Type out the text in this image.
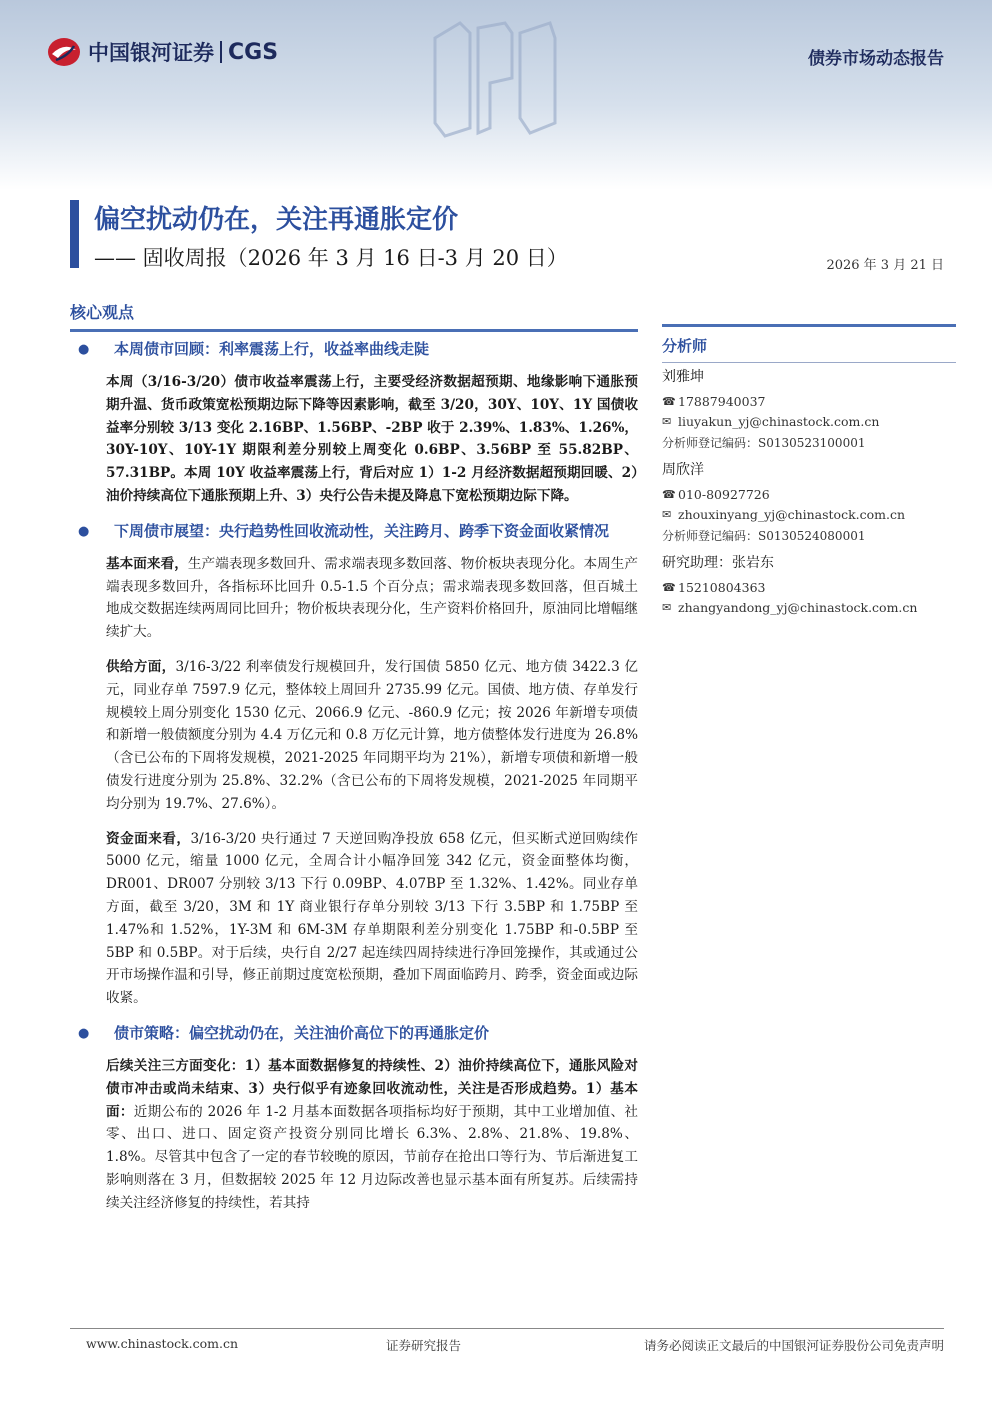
中国银河证券 CGS	债券市场动态报告
偏空扰动仍在，关注再通胀定价
—— 固收周报（2026 年 3 月 16 日-3 月 20 日）	2026 年 3 月 21 日
核心观点
●	本周债市回顾：利率震荡上行，收益率曲线走陡
本周（3/16-3/20）债市收益率震荡上行，主要受经济数据超预期、地缘影响下通胀预期升温、货币政策宽松预期边际下降等因素影响，截至 3/20，30Y、10Y、1Y 国债收益率分别较 3/13 变化 2.16BP、1.56BP、-2BP 收于 2.39%、1.83%、1.26%，30Y-10Y、10Y-1Y 期限利差分别较上周变化 0.6BP、3.56BP 至 55.82BP、57.31BP。本周 10Y 收益率震荡上行，背后对应 1）1-2 月经济数据超预期回暖、2）油价持续高位下通胀预期上升、3）央行公告未提及降息下宽松预期边际下降。
●	下周债市展望：央行趋势性回收流动性，关注跨月、跨季下资金面收紧情况
基本面来看，生产端表现多数回升、需求端表现多数回落、物价板块表现分化。本周生产端表现多数回升，各指标环比回升 0.5-1.5 个百分点；需求端表现多数回落，但百城土地成交数据连续两周同比回升；物价板块表现分化，生产资料价格回升，原油同比增幅继续扩大。
供给方面，3/16-3/22 利率债发行规模回升，发行国债 5850 亿元、地方债 3422.3 亿元，同业存单 7597.9 亿元，整体较上周回升 2735.99 亿元。国债、地方债、存单发行规模较上周分别变化 1530 亿元、2066.9 亿元、-860.9 亿元；按 2026 年新增专项债和新增一般债额度分别为 4.4 万亿元和 0.8 万亿元计算，地方债整体发行进度为 26.8%（含已公布的下周将发规模，2021-2025 年同期平均为 21%），新增专项债和新增一般债发行进度分别为 25.8%、32.2%（含已公布的下周将发规模，2021-2025 年同期平均分别为 19.7%、27.6%）。
资金面来看，3/16-3/20 央行通过 7 天逆回购净投放 658 亿元，但买断式逆回购续作 5000 亿元，缩量 1000 亿元，全周合计小幅净回笼 342 亿元，资金面整体均衡，DR001、DR007 分别较 3/13 下行 0.09BP、4.07BP 至 1.32%、1.42%。同业存单方面，截至 3/20，3M 和 1Y 商业银行存单分别较 3/13 下行 3.5BP 和 1.75BP 至 1.47%和 1.52%，1Y-3M 和 6M-3M 存单期限利差分别变化 1.75BP 和-0.5BP 至 5BP 和 0.5BP。对于后续，央行自 2/27 起连续四周持续进行净回笼操作，其或通过公开市场操作温和引导，修正前期过度宽松预期，叠加下周面临跨月、跨季，资金面或边际收紧。
●	债市策略：偏空扰动仍在，关注油价高位下的再通胀定价
后续关注三方面变化：1）基本面数据修复的持续性、2）油价持续高位下，通胀风险对债市冲击或尚未结束、3）央行似乎有迹象回收流动性，关注是否形成趋势。1）基本面：近期公布的 2026 年 1-2 月基本面数据各项指标均好于预期，其中工业增加值、社零、出口、进口、固定资产投资分别同比增长 6.3%、2.8%、21.8%、19.8%、1.8%。尽管其中包含了一定的春节较晚的原因，节前存在抢出口等行为、节后渐进复工影响则落在 3 月，但数据较 2025 年 12 月边际改善也显示基本面有所复苏。后续需持续关注经济修复的持续性，若其持
分析师
刘雅坤
☎ 17887940037
✉ liuyakun_yj@chinastock.com.cn
分析师登记编码：S0130523100001
周欣洋
☎ 010-80927726
✉ zhouxinyang_yj@chinastock.com.cn
分析师登记编码：S0130524080001
研究助理：张岩东
☎ 15210804363
✉ zhangyandong_yj@chinastock.com.cn
www.chinastock.com.cn	证券研究报告	请务必阅读正文最后的中国银河证券股份公司免责声明
